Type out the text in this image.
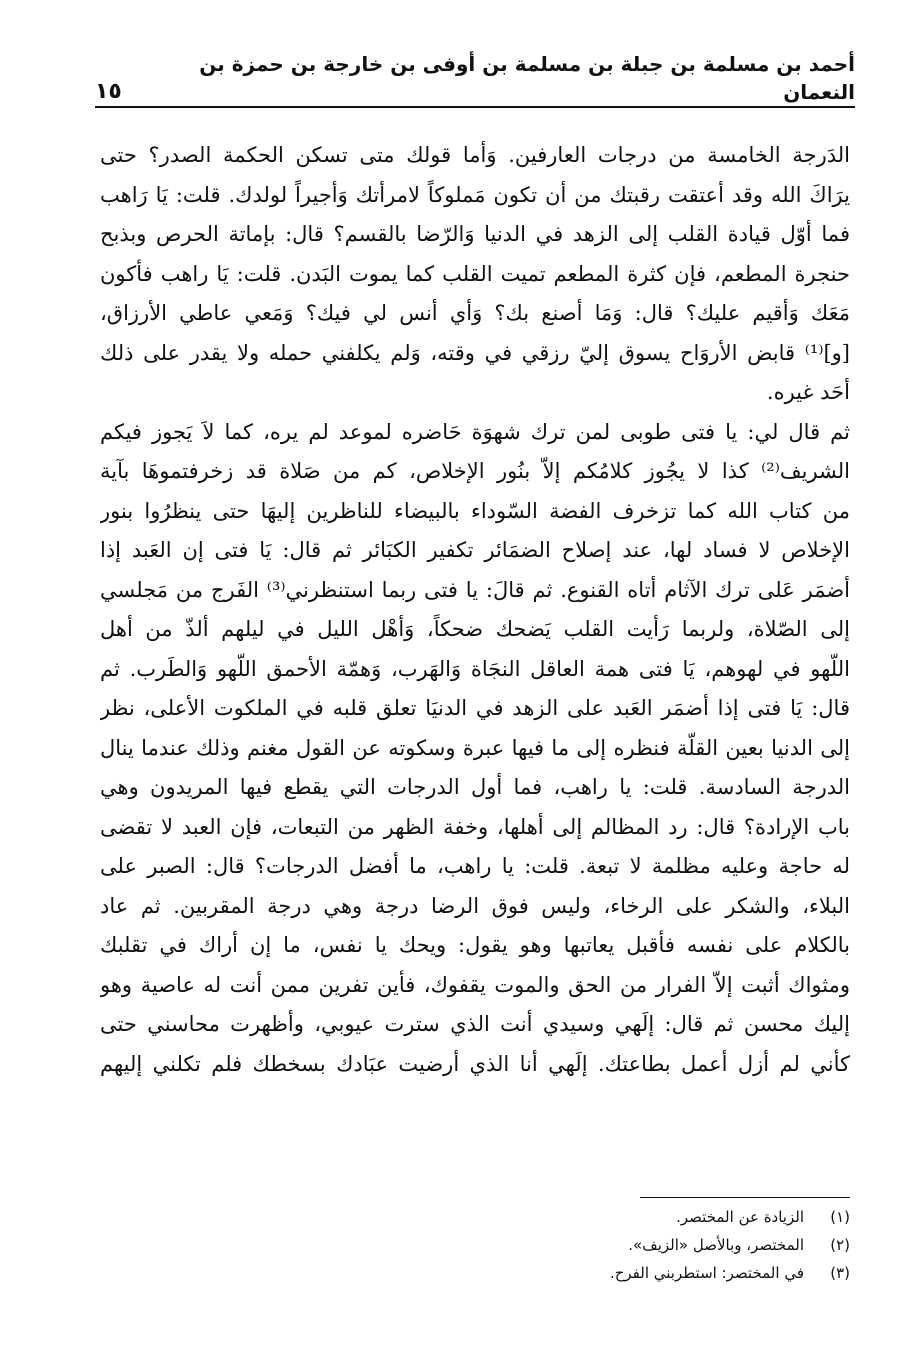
أحمد بن مسلمة بن جبلة بن مسلمة بن أوفى بن خارجة بن حمزة بن النعمان
١٥
الدَرجة الخامسة من درجات العارفين. وَأما قولك متى تسكن الحكمة الصدر؟ حتى
يرَاكَ الله وقد أعتقت رقبتك من أن تكون مَملوكاً لامرأتك وَأجيراً لولدك. قلت: يَا رَاهب
فما أوّل قيادة القلب إلى الزهد في الدنيا وَالرّضا بالقسم؟ قال: بإماتة الحرص وبذبح
حنجرة المطعم، فإن كثرة المطعم تميت القلب كما يموت البَدن. قلت: يَا راهب فأكون
مَعَك وَأقيم عليك؟ قال: وَمَا أصنع بك؟ وَأي أنس لي فيك؟ وَمَعي عاطي الأرزاق،
[و]⁽¹⁾ قابض الأروَاح يسوق إليّ رزقي في وقته، وَلم يكلفني حمله ولا يقدر على ذلك
أحَد غيره.
ثم قال لي: يا فتى طوبى لمن ترك شهوَة حَاضره لموعد لم يره، كما لاَ يَجوز فيكم
الشريف⁽²⁾ كذا لا يجُوز كلامُكم إلاّ بنُور الإخلاص، كم من صَلاة قد زخرفتموهَا بآية
من كتاب الله كما تزخرف الفضة السّوداء بالبيضاء للناظرين إليهَا حتى ينظرُوا بنور
الإخلاص لا فساد لها، عند إصلاح الضمَائر تكفير الكبَائر ثم قال: يَا فتى إن العَبد إذا
أضمَر عَلى ترك الآثام أتاه القنوع. ثم قالَ: يا فتى ربما استنظرني⁽³⁾ الفَرج من مَجلسي
إلى الصّلاة، ولربما رَأيت القلب يَضحك ضحكاً، وَأهْل الليل في ليلهم ألذّ من أهل
اللّهو في لهوهم، يَا فتى همة العاقل النجَاة وَالهَرب، وَهمّة الأحمق اللّهو وَالطَرب. ثم
قال: يَا فتى إذا أضمَر العَبد على الزهد في الدنيَا تعلق قلبه في الملكوت الأعلى، نظر
إلى الدنيا بعين القلّة فنظره إلى ما فيها عبرة وسكوته عن القول مغنم وذلك عندما ينال
الدرجة السادسة. قلت: يا راهب، فما أول الدرجات التي يقطع فيها المريدون وهي
باب الإرادة؟ قال: رد المظالم إلى أهلها، وخفة الظهر من التبعات، فإن العبد لا تقضى
له حاجة وعليه مظلمة لا تبعة. قلت: يا راهب، ما أفضل الدرجات؟ قال: الصبر على
البلاء، والشكر على الرخاء، وليس فوق الرضا درجة وهي درجة المقربين. ثم عاد
بالكلام على نفسه فأقبل يعاتبها وهو يقول: ويحك يا نفس، ما إن أراك في تقلبك
ومثواك أثبت إلاّ الفرار من الحق والموت يقفوك، فأين تفرين ممن أنت له عاصية وهو
إليك محسن ثم قال: إلَهي وسيدي أنت الذي سترت عيوبي، وأظهرت محاسني حتى
كأني لم أزل أعمل بطاعتك. إلَهي أنا الذي أرضيت عبَادك بسخطك فلم تكلني إليهم
(١)
الزيادة عن المختصر.
(٢)
المختصر، وبالأصل «الزيف».
(٣)
في المختصر: استطربني الفرح.
